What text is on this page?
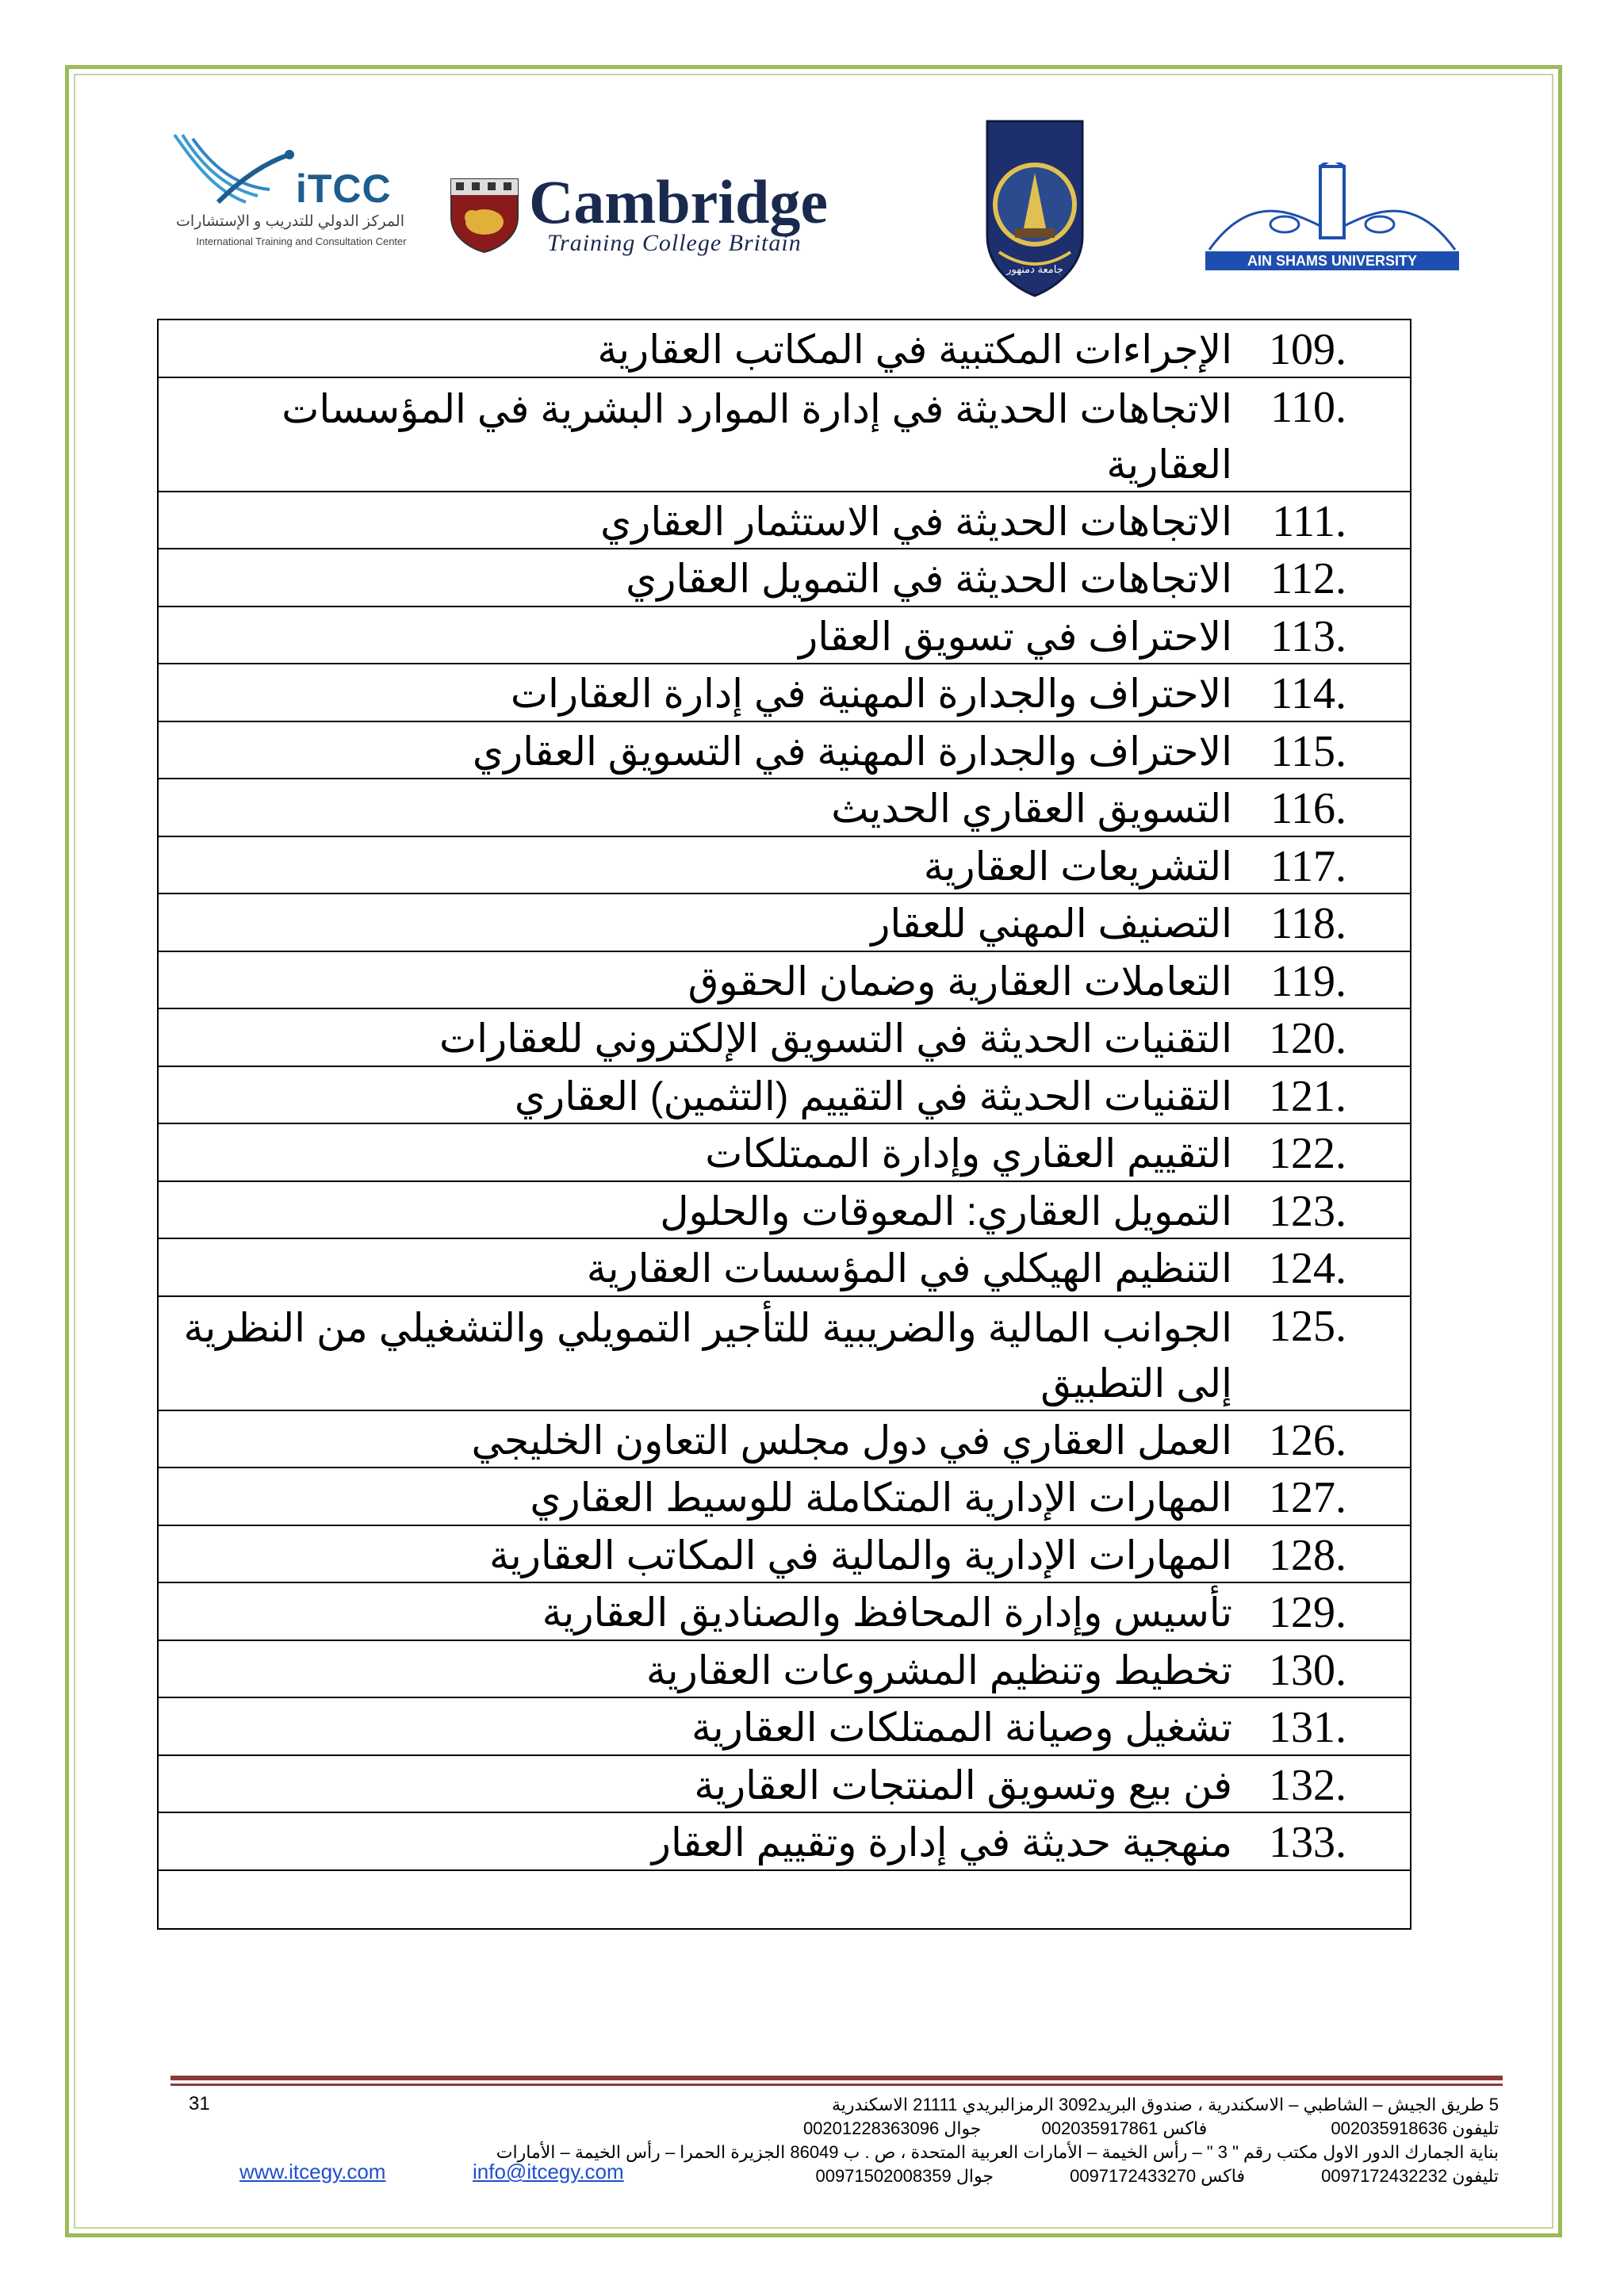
iTCC
المركز الدولي للتدريب و الإستشارات
International Training and Consultation Center
Cambridge
Training College Britain
جامعة دمنهور
AIN SHAMS UNIVERSITY
109.
الإجراءات المكتبية في المكاتب العقارية
110.
الاتجاهات الحديثة في إدارة الموارد البشرية في المؤسسات العقارية
111.
الاتجاهات الحديثة في الاستثمار العقاري
112.
الاتجاهات الحديثة في التمويل العقاري
113.
الاحتراف في تسويق العقار
114.
الاحتراف والجدارة المهنية في إدارة العقارات
115.
الاحتراف والجدارة المهنية في التسويق العقاري
116.
التسويق العقاري الحديث
117.
التشريعات العقارية
118.
التصنيف المهني للعقار
119.
التعاملات العقارية وضمان الحقوق
120.
التقنيات الحديثة في التسويق الإلكتروني للعقارات
121.
التقنيات الحديثة في التقييم (التثمين) العقاري
122.
التقييم العقاري وإدارة الممتلكات
123.
التمويل العقاري: المعوقات والحلول
124.
التنظيم الهيكلي في المؤسسات العقارية
125.
الجوانب المالية والضريبية للتأجير التمويلي والتشغيلي من النظرية إلى التطبيق
126.
العمل العقاري في دول مجلس التعاون الخليجي
127.
المهارات الإدارية المتكاملة للوسيط العقاري
128.
المهارات الإدارية والمالية في المكاتب العقارية
129.
تأسيس وإدارة المحافظ والصناديق العقارية
130.
تخطيط وتنظيم المشروعات العقارية
131.
تشغيل وصيانة الممتلكات العقارية
132.
فن بيع وتسويق المنتجات العقارية
133.
منهجية حديثة في إدارة وتقييم العقار
31	5 طريق الجيش – الشاطبي – الاسكندرية ، صندوق البريد3092 الرمزالبريدي 21111 الاسكندرية
تليفون 002035918636 فاكس 002035917861 جوال 00201228363096
بناية الجمارك الدور الاول مكتب رقم " 3 " – رأس الخيمة – الأمارات العربية المتحدة ، ص . ب 86049 الجزيرة الحمرا – رأس الخيمة – الأمارات
تليفون 0097172432232 فاكس 0097172433270 جوال 00971502008359
www.itcegy.com	info@itcegy.com
